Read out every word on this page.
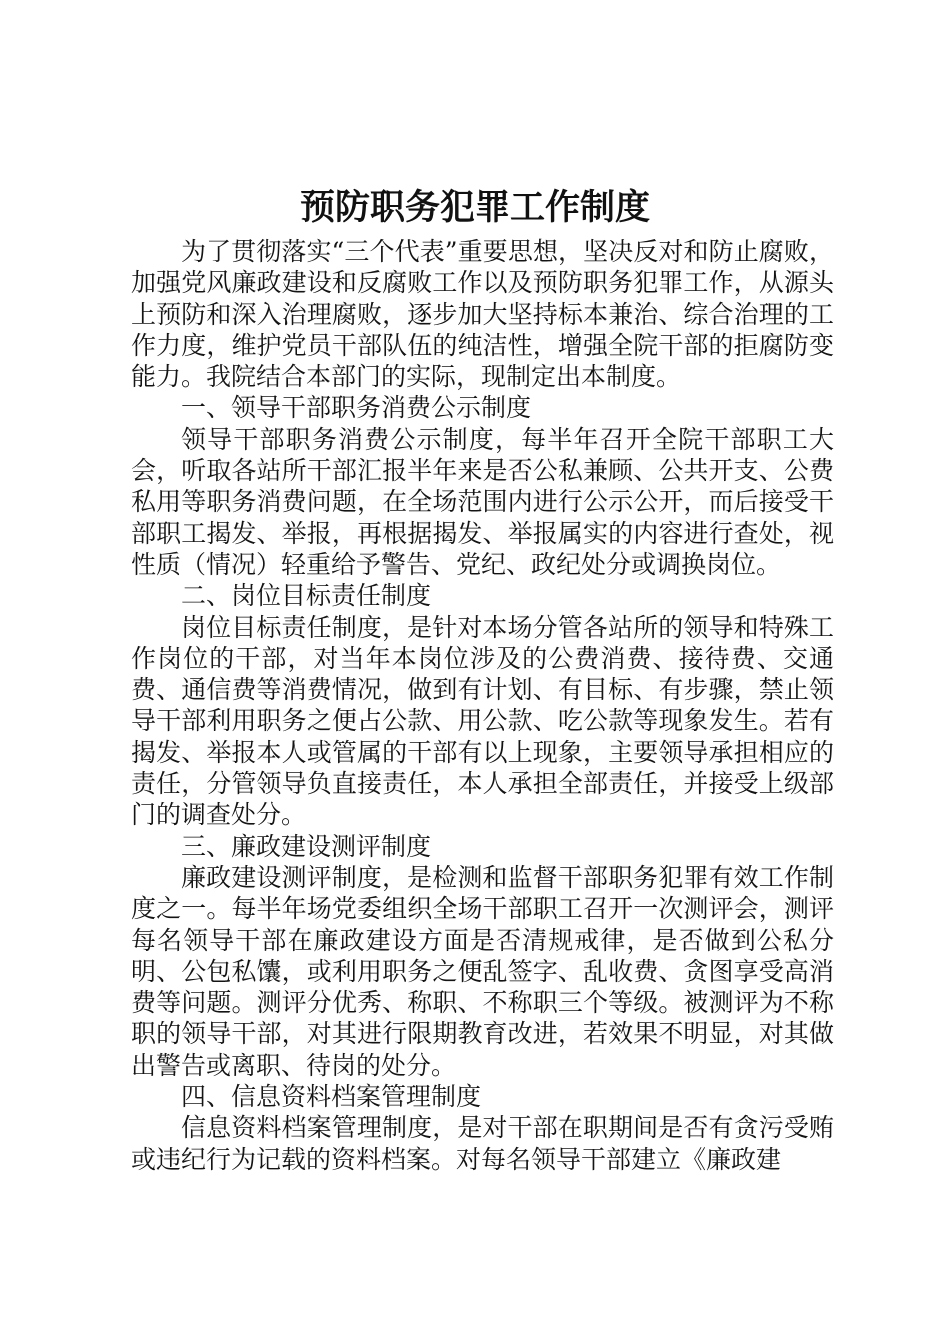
预防职务犯罪工作制度

为了贯彻落实“三个代表”重要思想，坚决反对和防止腐败，加强党风廉政建设和反腐败工作以及预防职务犯罪工作，从源头上预防和深入治理腐败，逐步加大坚持标本兼治、综合治理的工作力度，维护党员干部队伍的纯洁性，增强全院干部的拒腐防变能力。我院结合本部门的实际，现制定出本制度。

一、领导干部职务消费公示制度

领导干部职务消费公示制度，每半年召开全院干部职工大会，听取各站所干部汇报半年来是否公私兼顾、公共开支、公费私用等职务消费问题，在全场范围内进行公示公开，而后接受干部职工揭发、举报，再根据揭发、举报属实的内容进行查处，视性质（情况）轻重给予警告、党纪、政纪处分或调换岗位。

二、岗位目标责任制度

岗位目标责任制度，是针对本场分管各站所的领导和特殊工作岗位的干部，对当年本岗位涉及的公费消费、接待费、交通费、通信费等消费情况，做到有计划、有目标、有步骤，禁止领导干部利用职务之便占公款、用公款、吃公款等现象发生。若有揭发、举报本人或管属的干部有以上现象，主要领导承担相应的责任，分管领导负直接责任，本人承担全部责任，并接受上级部门的调查处分。

三、廉政建设测评制度

廉政建设测评制度，是检测和监督干部职务犯罪有效工作制度之一。每半年场党委组织全场干部职工召开一次测评会，测评每名领导干部在廉政建设方面是否清规戒律，是否做到公私分明、公包私馕，或利用职务之便乱签字、乱收费、贪图享受高消费等问题。测评分优秀、称职、不称职三个等级。被测评为不称职的领导干部，对其进行限期教育改进，若效果不明显，对其做出警告或离职、待岗的处分。

四、信息资料档案管理制度

信息资料档案管理制度，是对干部在职期间是否有贪污受贿或违纪行为记载的资料档案。对每名领导干部建立《廉政建
